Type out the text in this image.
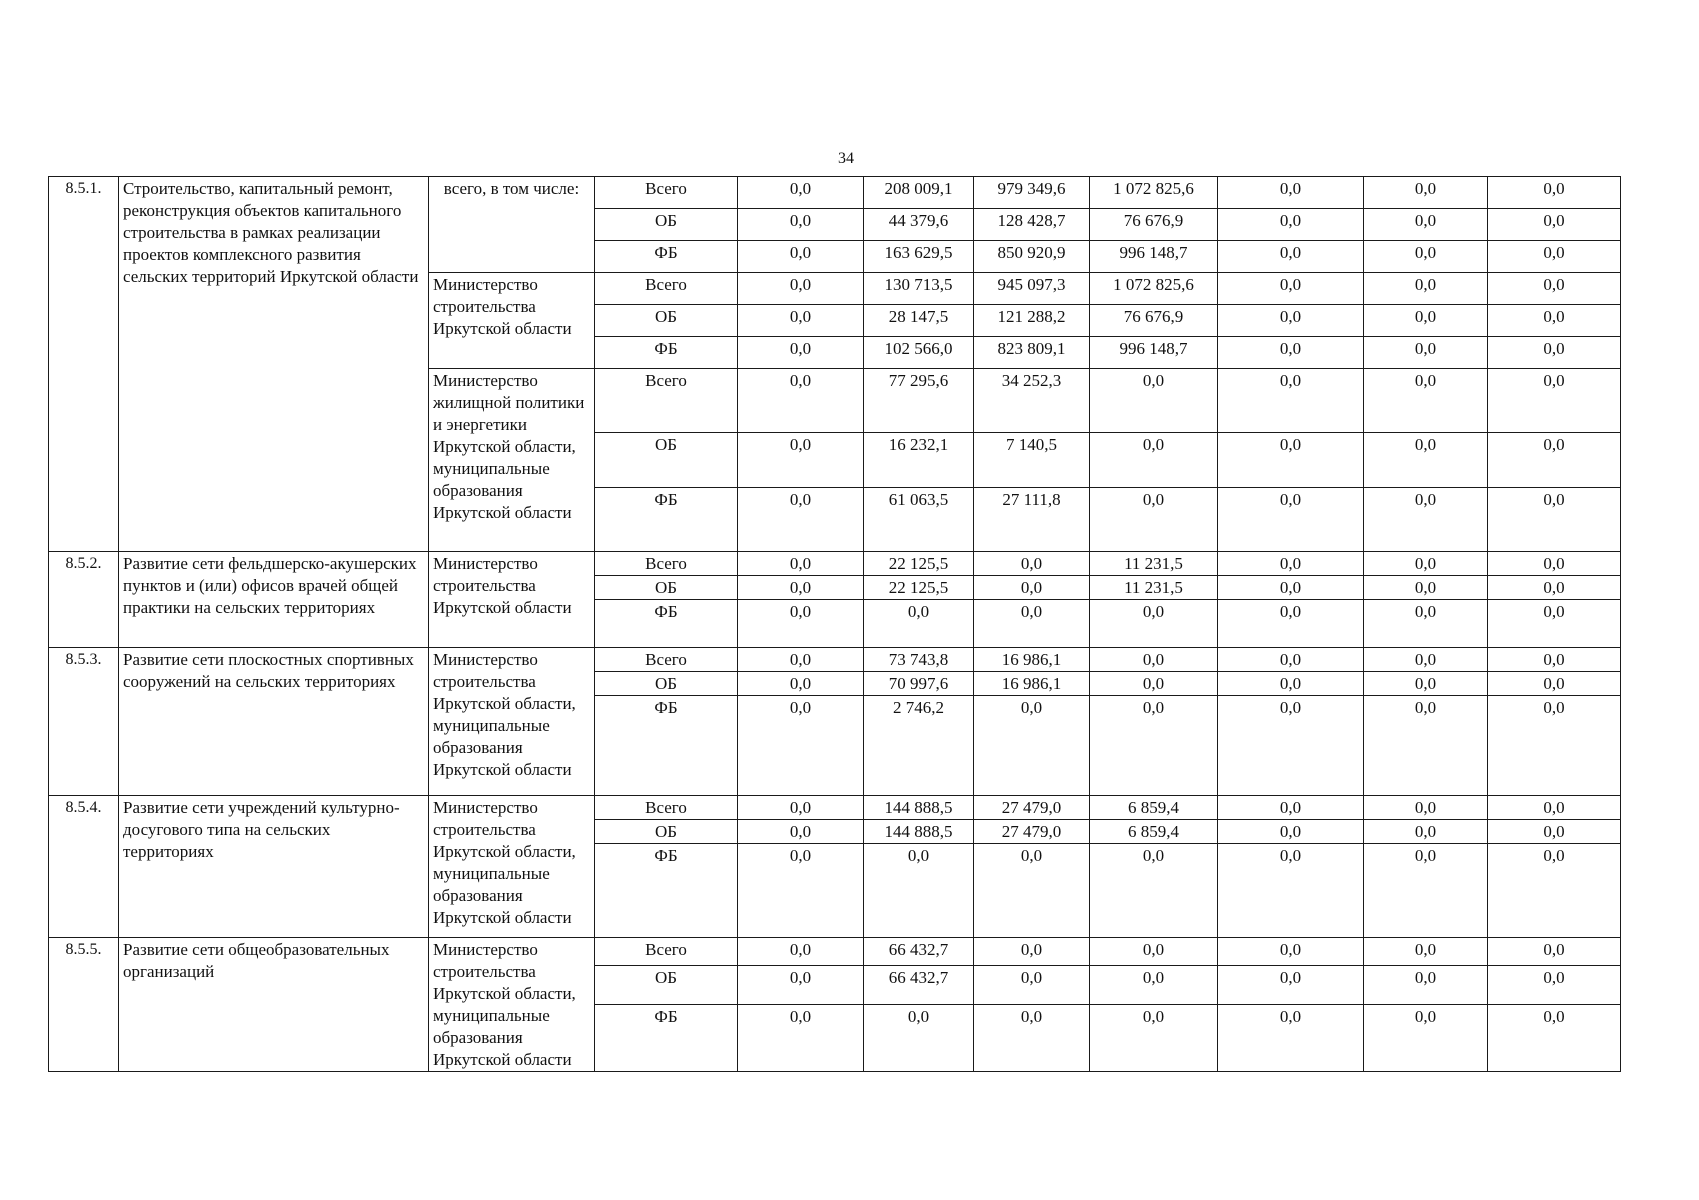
34
8.5.1.	Строительство, капитальный ремонт, реконструкция объектов капитального строительства в рамках реализации проектов комплексного развития сельских территорий Иркутской области	всего, в том числе:	Всего	0,0	208 009,1	979 349,6	1 072 825,6	0,0	0,0	0,0
			ОБ	0,0	44 379,6	128 428,7	76 676,9	0,0	0,0	0,0
			ФБ	0,0	163 629,5	850 920,9	996 148,7	0,0	0,0	0,0
		Министерство строительства Иркутской области	Всего	0,0	130 713,5	945 097,3	1 072 825,6	0,0	0,0	0,0
			ОБ	0,0	28 147,5	121 288,2	76 676,9	0,0	0,0	0,0
			ФБ	0,0	102 566,0	823 809,1	996 148,7	0,0	0,0	0,0
		Министерство жилищной политики и энергетики Иркутской области, муниципальные образования Иркутской области	Всего	0,0	77 295,6	34 252,3	0,0	0,0	0,0	0,0
			ОБ	0,0	16 232,1	7 140,5	0,0	0,0	0,0	0,0
			ФБ	0,0	61 063,5	27 111,8	0,0	0,0	0,0	0,0
8.5.2.	Развитие сети фельдшерско-акушерских пунктов и (или) офисов врачей общей практики на сельских территориях	Министерство строительства Иркутской области	Всего	0,0	22 125,5	0,0	11 231,5	0,0	0,0	0,0
			ОБ	0,0	22 125,5	0,0	11 231,5	0,0	0,0	0,0
			ФБ	0,0	0,0	0,0	0,0	0,0	0,0	0,0
8.5.3.	Развитие сети плоскостных спортивных сооружений на сельских территориях	Министерство строительства Иркутской области, муниципальные образования Иркутской области	Всего	0,0	73 743,8	16 986,1	0,0	0,0	0,0	0,0
			ОБ	0,0	70 997,6	16 986,1	0,0	0,0	0,0	0,0
			ФБ	0,0	2 746,2	0,0	0,0	0,0	0,0	0,0
8.5.4.	Развитие сети учреждений культурно-досугового типа на сельских территориях	Министерство строительства Иркутской области, муниципальные образования Иркутской области	Всего	0,0	144 888,5	27 479,0	6 859,4	0,0	0,0	0,0
			ОБ	0,0	144 888,5	27 479,0	6 859,4	0,0	0,0	0,0
			ФБ	0,0	0,0	0,0	0,0	0,0	0,0	0,0
8.5.5.	Развитие сети общеобразовательных организаций	Министерство строительства Иркутской области, муниципальные образования Иркутской области	Всего	0,0	66 432,7	0,0	0,0	0,0	0,0	0,0
			ОБ	0,0	66 432,7	0,0	0,0	0,0	0,0	0,0
			ФБ	0,0	0,0	0,0	0,0	0,0	0,0	0,0
